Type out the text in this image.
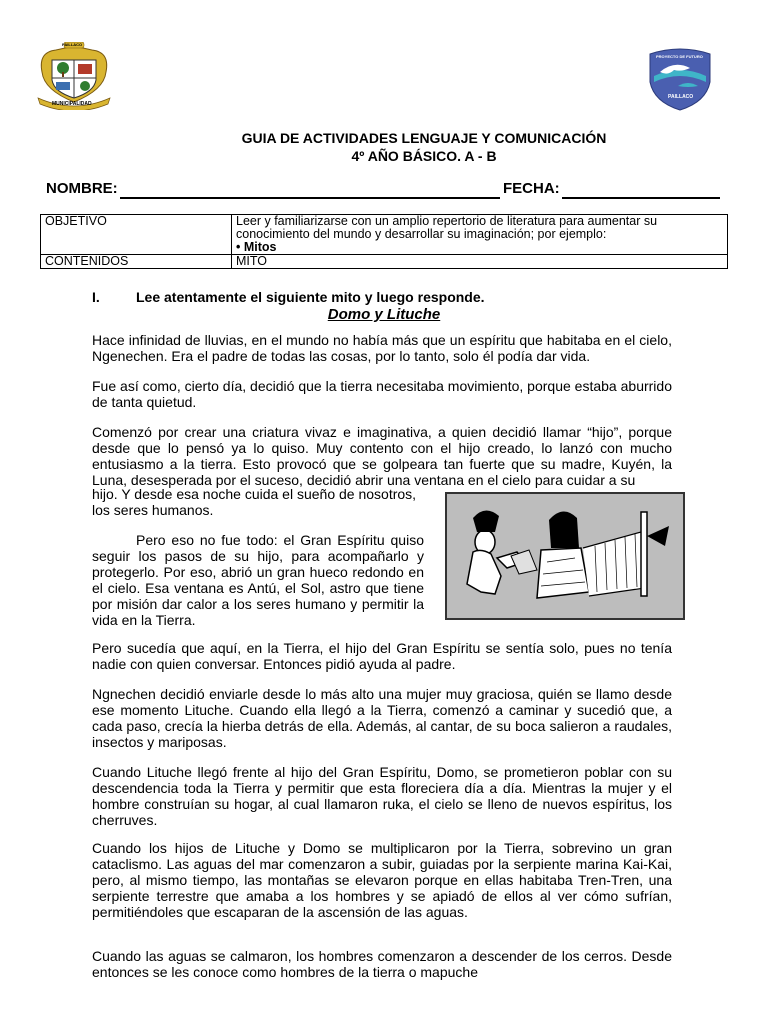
PAILLACO
MUNICIPALIDAD
PROYECTO DE FUTURO
PAILLACO
GUIA DE ACTIVIDADES LENGUAJE Y COMUNICACIÓN
4º AÑO BÁSICO. A - B
NOMBRE:	FECHA:
OBJETIVO	Leer y familiarizarse con un amplio repertorio de literatura para aumentar su
conocimiento del mundo y desarrollar su imaginación; por ejemplo:
• Mitos

CONTENIDOS	MITO
I.	Lee atentamente el siguiente mito y luego responde.
Domo y Lituche
Hace infinidad de lluvias, en el mundo no había más que un espíritu que habitaba en el cielo, Ngenechen. Era el padre de todas las cosas, por lo tanto, solo él podía dar vida.
Fue así como, cierto día, decidió que la tierra necesitaba movimiento, porque estaba aburrido de tanta quietud.
Comenzó por crear una criatura vivaz e imaginativa, a quien decidió llamar “hijo”, porque desde que lo pensó ya lo quiso. Muy contento con el hijo creado, lo lanzó con mucho entusiasmo a la tierra. Esto provocó que se golpeara tan fuerte que su madre, Kuyén, la Luna, desesperada por el suceso, decidió abrir una ventana en el cielo para cuidar a su
hijo. Y desde esa noche cuida el sueño de nosotros,
los seres humanos.
Pero eso no fue todo: el Gran Espíritu quiso seguir los pasos de su hijo, para acompañarlo y protegerlo. Por eso, abrió un gran hueco redondo en el cielo. Esa ventana es Antú, el Sol, astro que tiene por misión dar calor a los seres humano y permitir la vida en la Tierra.
Pero sucedía que aquí, en la Tierra, el hijo del Gran Espíritu se sentía solo, pues no tenía nadie con quien conversar. Entonces pidió ayuda al padre.
Ngnechen decidió enviarle desde lo más alto una mujer muy graciosa, quién se llamo desde ese momento Lituche. Cuando ella llegó a la Tierra, comenzó a caminar y sucedió que, a cada paso, crecía la hierba detrás de ella. Además, al cantar, de su boca salieron a raudales, insectos y mariposas.
Cuando Lituche llegó frente al hijo del Gran Espíritu, Domo, se prometieron poblar con su descendencia toda la Tierra y permitir que esta floreciera día a día. Mientras la mujer y el hombre construían su hogar, al cual llamaron ruka, el cielo se lleno de nuevos espíritus, los cherruves.
Cuando los hijos de Lituche y Domo se multiplicaron por la Tierra, sobrevino un gran cataclismo. Las aguas del mar comenzaron a subir, guiadas por la serpiente marina Kai-Kai, pero, al mismo tiempo, las montañas se elevaron porque en ellas habitaba Tren-Tren, una serpiente terrestre que amaba a los hombres y se apiadó de ellos al ver cómo sufrían, permitiéndoles que escaparan de la ascensión de las aguas.
Cuando las aguas se calmaron, los hombres comenzaron a descender de los cerros. Desde entonces se les conoce como hombres de la tierra o mapuche
